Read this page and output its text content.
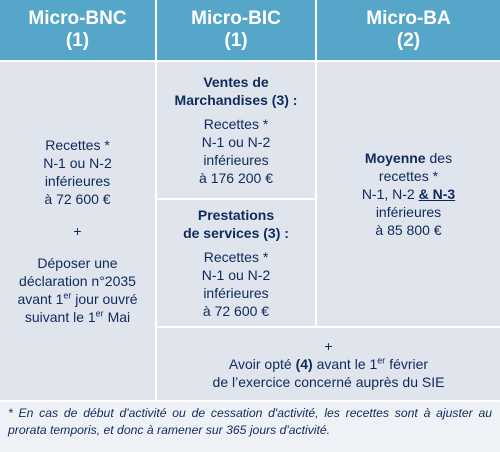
Micro-BNC
(1)
Micro-BIC
(1)
Micro-BA
(2)
Recettes *
N-1 ou N-2
inférieures
à 72 600 €
+
Déposer une
déclaration n°2035
avant 1er jour ouvré
suivant le 1er Mai
Ventes de
Marchandises (3) :
Recettes *
N-1 ou N-2
inférieures
à 176 200 €
Prestations
de services (3) :
Recettes *
N-1 ou N-2
inférieures
à 72 600 €
Moyenne des
recettes *
N-1, N-2 & N-3
inférieures
à 85 800 €
+
Avoir opté (4) avant le 1er février
de l’exercice concerné auprès du SIE
* En cas de début d'activité ou de cessation d'activité, les recettes sont à ajuster au prorata temporis, et donc à ramener sur 365 jours d'activité.
